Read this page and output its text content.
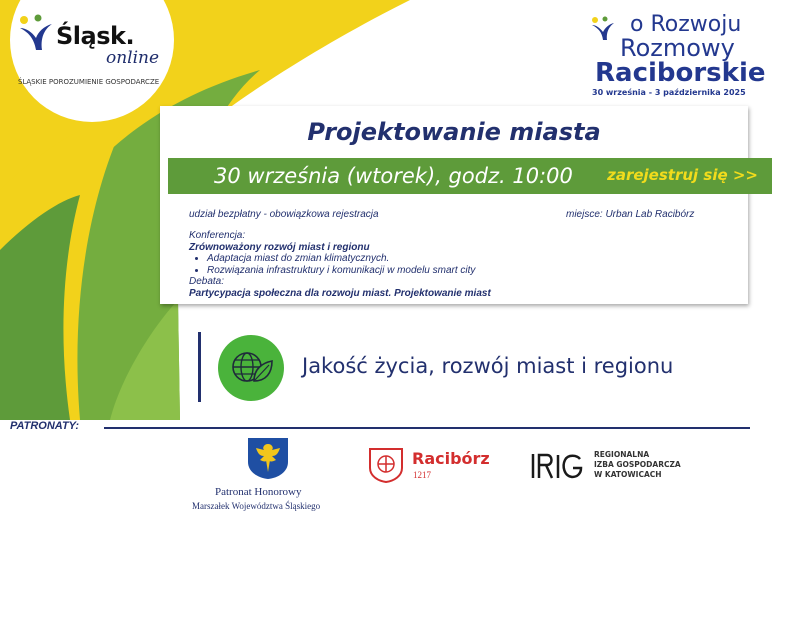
Śląsk.
online
ŚLĄSKIE POROZUMIENIE GOSPODARCZE
o Rozwoju
Rozmowy
Raciborskie
30 września - 3 października 2025
Projektowanie miasta
30 września (wtorek), godz. 10:00 zarejestruj się >>
udział bezpłatny - obowiązkowa rejestracja	miejsce: Urban Lab Racibórz
Konferencja:
Zrównoważony rozwój miast i regionu
• Adaptacja miast do zmian klimatycznych.
• Rozwiązania infrastruktury i komunikacji w modelu smart city
Debata:
Partycypacja społeczna dla rozwoju miast. Projektowanie miast
Jakość życia, rozwój miast i regionu
PATRONATY:
Patronat Honorowy
Marszałek Województwa Śląskiego
Racibórz
1217
REGIONALNA
IZBA GOSPODARCZA
W KATOWICACH
